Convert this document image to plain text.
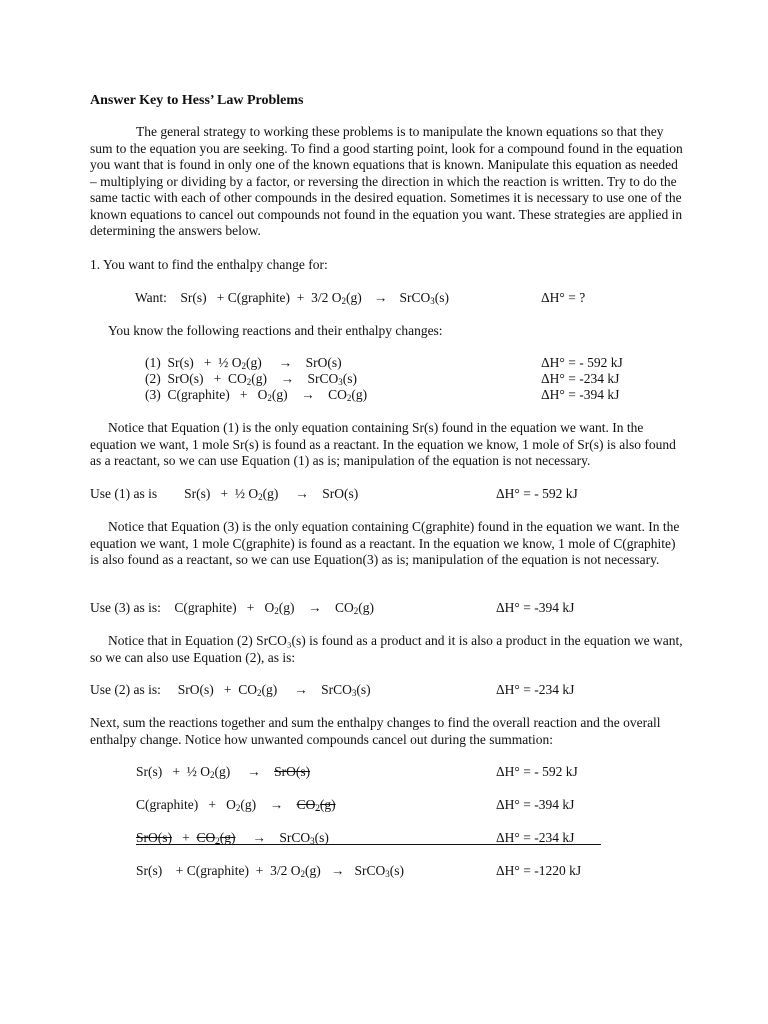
Answer Key to Hess’ Law Problems
The general strategy to working these problems is to manipulate the known equations so that they sum to the equation you are seeking. To find a good starting point, look for a compound found in the equation you want that is found in only one of the known equations that is known. Manipulate this equation as needed – multiplying or dividing by a factor, or reversing the direction in which the reaction is written. Try to do the same tactic with each of other compounds in the desired equation. Sometimes it is necessary to use one of the known equations to cancel out compounds not found in the equation you want. These strategies are applied in determining the answers below.
1. You want to find the enthalpy change for:
Want:    Sr(s)   + C(graphite)  +  3/2 $O_2(g)$   →   SrCO$_3$(s)	ΔH° = ?
You know the following reactions and their enthalpy changes:
(1)  Sr(s)   +  ½ $O_2(g)$     →    SrO(s)	ΔH° = - 592 kJ
(2)  $SrO(s) + CO_2(g)$    →    SrCO$_3$(s)	ΔH° = -234 kJ
(3)  C(graphite)   +   $O_2(g)$    →    $CO_2(g)$	ΔH° = -394 kJ
Notice that Equation (1) is the only equation containing Sr(s) found in the equation we want. In the equation we want, 1 mole Sr(s) is found as a reactant. In the equation we know, 1 mole of Sr(s) is also found as a reactant, so we can use Equation (1) as is; manipulation of the equation is not necessary.
Use (1) as is        Sr(s)   +  ½ $O_2(g)$     →    SrO(s)	ΔH° = - 592 kJ
Notice that Equation (3) is the only equation containing C(graphite) found in the equation we want. In the equation we want, 1 mole C(graphite) is found as a reactant. In the equation we know, 1 mole of C(graphite) is also found as a reactant, so we can use Equation(3) as is; manipulation of the equation is not necessary.
Use (3) as is:    C(graphite)   +   $O_2(g)$    →    $CO_2(g)$	ΔH° = -394 kJ
Notice that in Equation (2) SrCO₃(s) is found as a product and it is also a product in the equation we want, so we can also use Equation (2), as is:
Use (2) as is:     $SrO(s) + CO_2(g)$     →    SrCO$_3$(s)	ΔH° = -234 kJ
Next, sum the reactions together and sum the enthalpy changes to find the overall reaction and the overall enthalpy change. Notice how unwanted compounds cancel out during the summation:
Sr(s)   +  ½ $O_2(g)$     → SrO(s)	ΔH° = - 592 kJ
C(graphite)   +   $O_2(g)$    → $CO_2(g)$	ΔH° = -394 kJ
$SrO(s) + CO_2(g)$ →    SrCO$_3$(s)	ΔH° = -234 kJ
Sr(s)    + C(graphite)  +  3/2 $O_2(g)$   →   SrCO$_3$(s)	ΔH° = -1220 kJ
